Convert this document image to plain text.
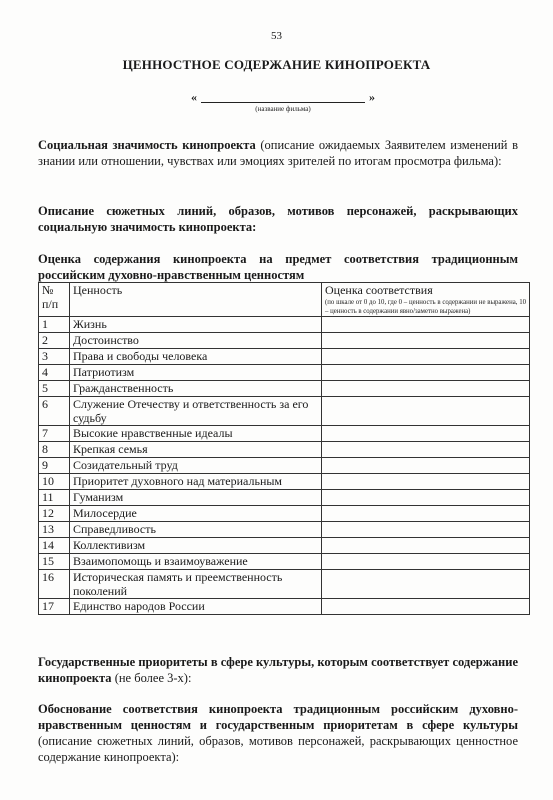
53
ЦЕННОСТНОЕ СОДЕРЖАНИЕ КИНОПРОЕКТА
«	»
(название фильма)
Социальная значимость кинопроекта (описание ожидаемых Заявителем изменений в знании или отношении, чувствах или эмоциях зрителей по итогам просмотра фильма):
Описание сюжетных линий, образов, мотивов персонажей, раскрывающих социальную значимость кинопроекта:
Оценка содержания кинопроекта на предмет соответствия традиционным российским духовно-нравственным ценностям
№ п/п	Ценность	Оценка соответствия
(по шкале от 0 до 10, где 0 – ценность в содержании не выражена, 10 – ценность в содержании явно/заметно выражена)

1	Жизнь	
2	Достоинство	
3	Права и свободы человека	
4	Патриотизм	
5	Гражданственность	
6	Служение Отечеству и ответственность за его судьбу	
7	Высокие нравственные идеалы	
8	Крепкая семья	
9	Созидательный труд	
10	Приоритет духовного над материальным	
11	Гуманизм	
12	Милосердие	
13	Справедливость	
14	Коллективизм	
15	Взаимопомощь и взаимоуважение	
16	Историческая память и преемственность поколений	
17	Единство народов России	
Государственные приоритеты в сфере культуры, которым соответствует содержание кинопроекта (не более 3-х):
Обоснование соответствия кинопроекта традиционным российским духовно-нравственным ценностям и государственным приоритетам в сфере культуры (описание сюжетных линий, образов, мотивов персонажей, раскрывающих ценностное содержание кинопроекта):
